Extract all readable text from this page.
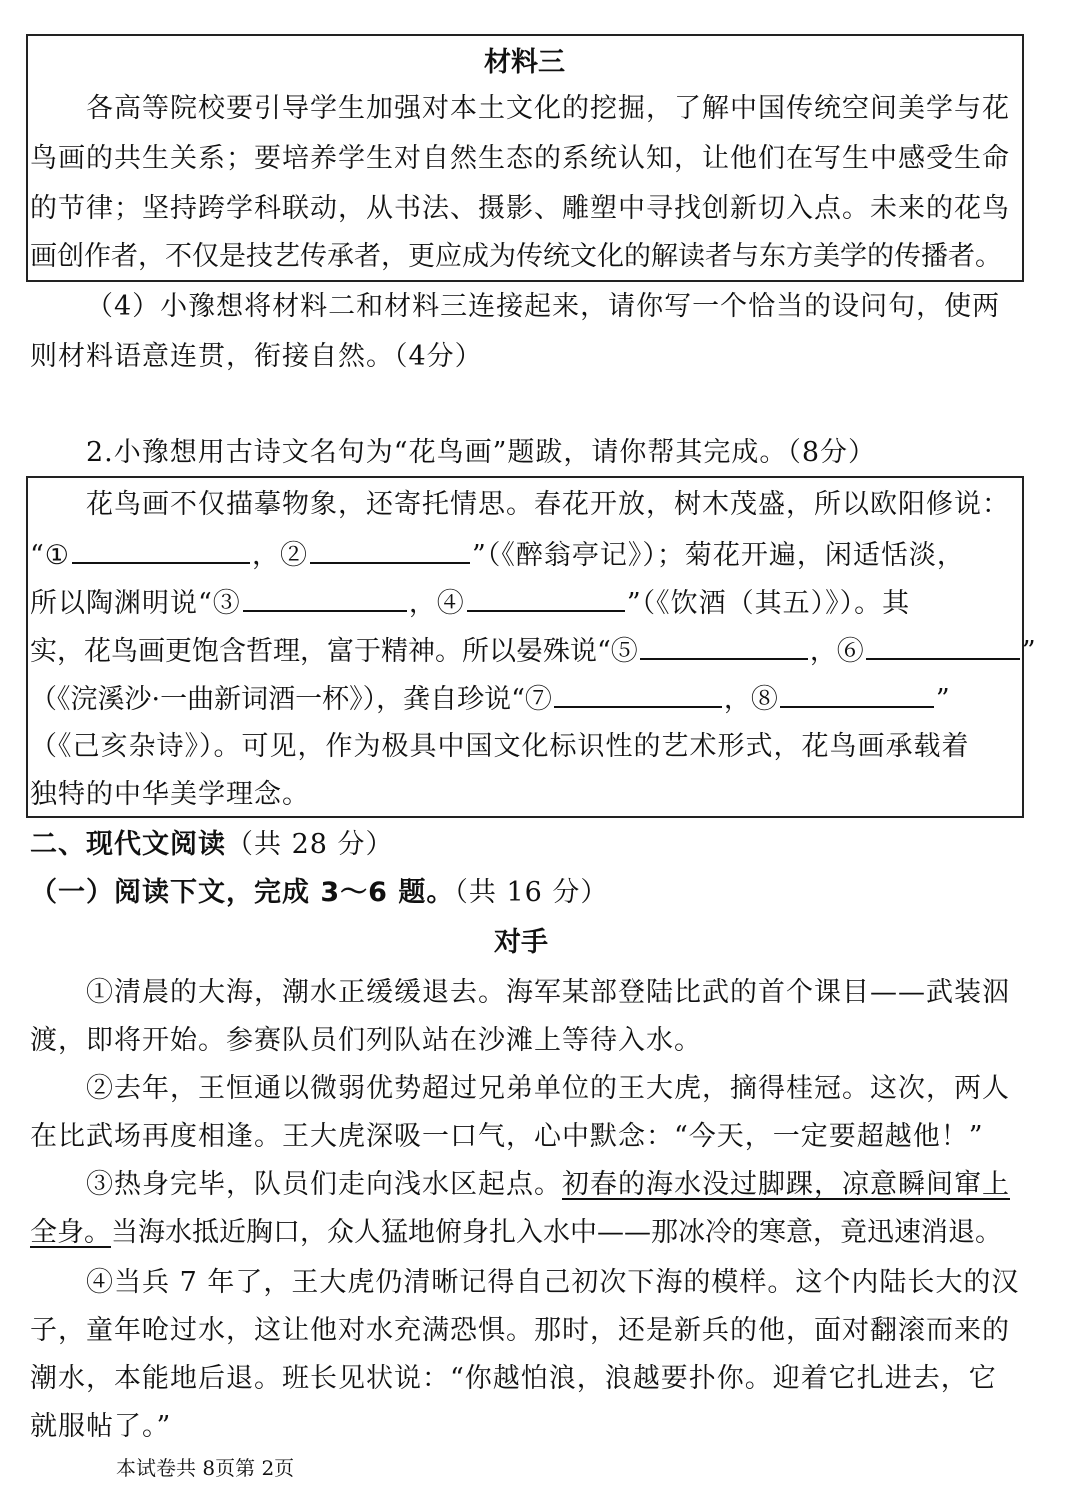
材料三
各高等院校要引导学生加强对本土文化的挖掘，了解中国传统空间美学与花
鸟画的共生关系；要培养学生对自然生态的系统认知，让他们在写生中感受生命
的节律；坚持跨学科联动，从书法、摄影、雕塑中寻找创新切入点。未来的花鸟
画创作者，不仅是技艺传承者，更应成为传统文化的解读者与东方美学的传播者。
（4）小豫想将材料二和材料三连接起来，请你写一个恰当的设问句，使两
则材料语意连贯，衔接自然。（4分）
2.小豫想用古诗文名句为“花鸟画”题跋，请你帮其完成。（8分）
花鸟画不仅描摹物象，还寄托情思。春花开放，树木茂盛，所以欧阳修说：
“①	，②	”（《醉翁亭记》）；菊花开遍，闲适恬淡，
所以陶渊明说“③	，④	”（《饮酒（其五）》）。其
实，花鸟画更饱含哲理，富于精神。所以晏殊说“⑤	，⑥	”
（《浣溪沙·一曲新词酒一杯》），龚自珍说“⑦	，⑧	”
（《己亥杂诗》）。可见，作为极具中国文化标识性的艺术形式，花鸟画承载着
独特的中华美学理念。
二、现代文阅读（共 28 分）
（一）阅读下文，完成 3～6 题。（共 16 分）
对手
①清晨的大海，潮水正缓缓退去。海军某部登陆比武的首个课目——武装泅
渡，即将开始。参赛队员们列队站在沙滩上等待入水。
②去年，王恒通以微弱优势超过兄弟单位的王大虎，摘得桂冠。这次，两人
在比武场再度相逢。王大虎深吸一口气，心中默念：“今天，一定要超越他！”
③热身完毕，队员们走向浅水区起点。初春的海水没过脚踝，凉意瞬间窜上
全身。当海水抵近胸口，众人猛地俯身扎入水中——那冰冷的寒意，竟迅速消退。
④当兵 7 年了，王大虎仍清晰记得自己初次下海的模样。这个内陆长大的汉
子，童年呛过水，这让他对水充满恐惧。那时，还是新兵的他，面对翻滚而来的
潮水，本能地后退。班长见状说：“你越怕浪，浪越要扑你。迎着它扎进去，它
就服帖了。”
本试卷共 8页第 2页
